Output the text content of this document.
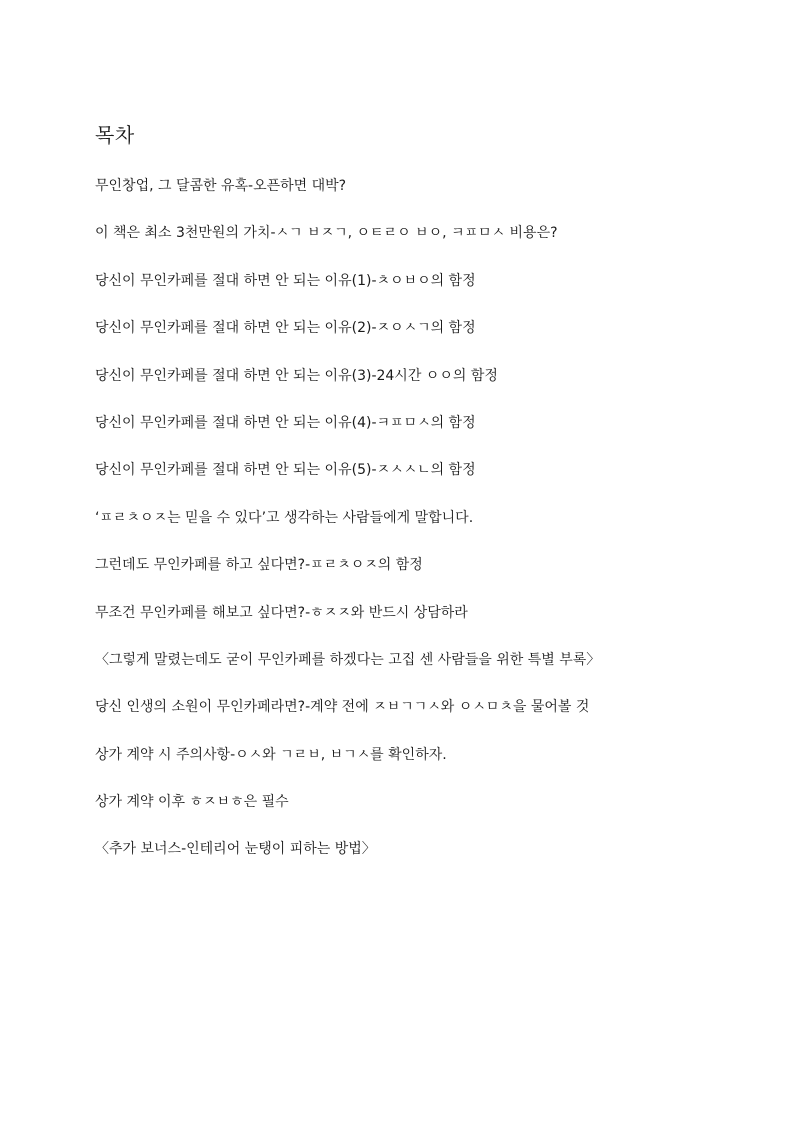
목차
무인창업, 그 달콤한 유혹-오픈하면 대박?
이 책은 최소 3천만원의 가치-ㅅㄱ ㅂㅈㄱ, ㅇㅌㄹㅇ ㅂㅇ, ㅋㅍㅁㅅ 비용은?
당신이 무인카페를 절대 하면 안 되는 이유(1)-ㅊㅇㅂㅇ의 함정
당신이 무인카페를 절대 하면 안 되는 이유(2)-ㅈㅇㅅㄱ의 함정
당신이 무인카페를 절대 하면 안 되는 이유(3)-24시간 ㅇㅇ의 함정
당신이 무인카페를 절대 하면 안 되는 이유(4)-ㅋㅍㅁㅅ의 함정
당신이 무인카페를 절대 하면 안 되는 이유(5)-ㅈㅅㅅㄴ의 함정
‘ㅍㄹㅊㅇㅈ는 믿을 수 있다’고 생각하는 사람들에게 말합니다.
그런데도 무인카페를 하고 싶다면?-ㅍㄹㅊㅇㅈ의 함정
무조건 무인카페를 해보고 싶다면?-ㅎㅈㅈ와 반드시 상담하라
〈그렇게 말렸는데도 굳이 무인카페를 하겠다는 고집 센 사람들을 위한 특별 부록〉
당신 인생의 소원이 무인카페라면?-계약 전에 ㅈㅂㄱㄱㅅ와 ㅇㅅㅁㅊ을 물어볼 것
상가 계약 시 주의사항-ㅇㅅ와 ㄱㄹㅂ, ㅂㄱㅅ를 확인하자.
상가 계약 이후 ㅎㅈㅂㅎ은 필수
〈추가 보너스-인테리어 눈탱이 피하는 방법〉
